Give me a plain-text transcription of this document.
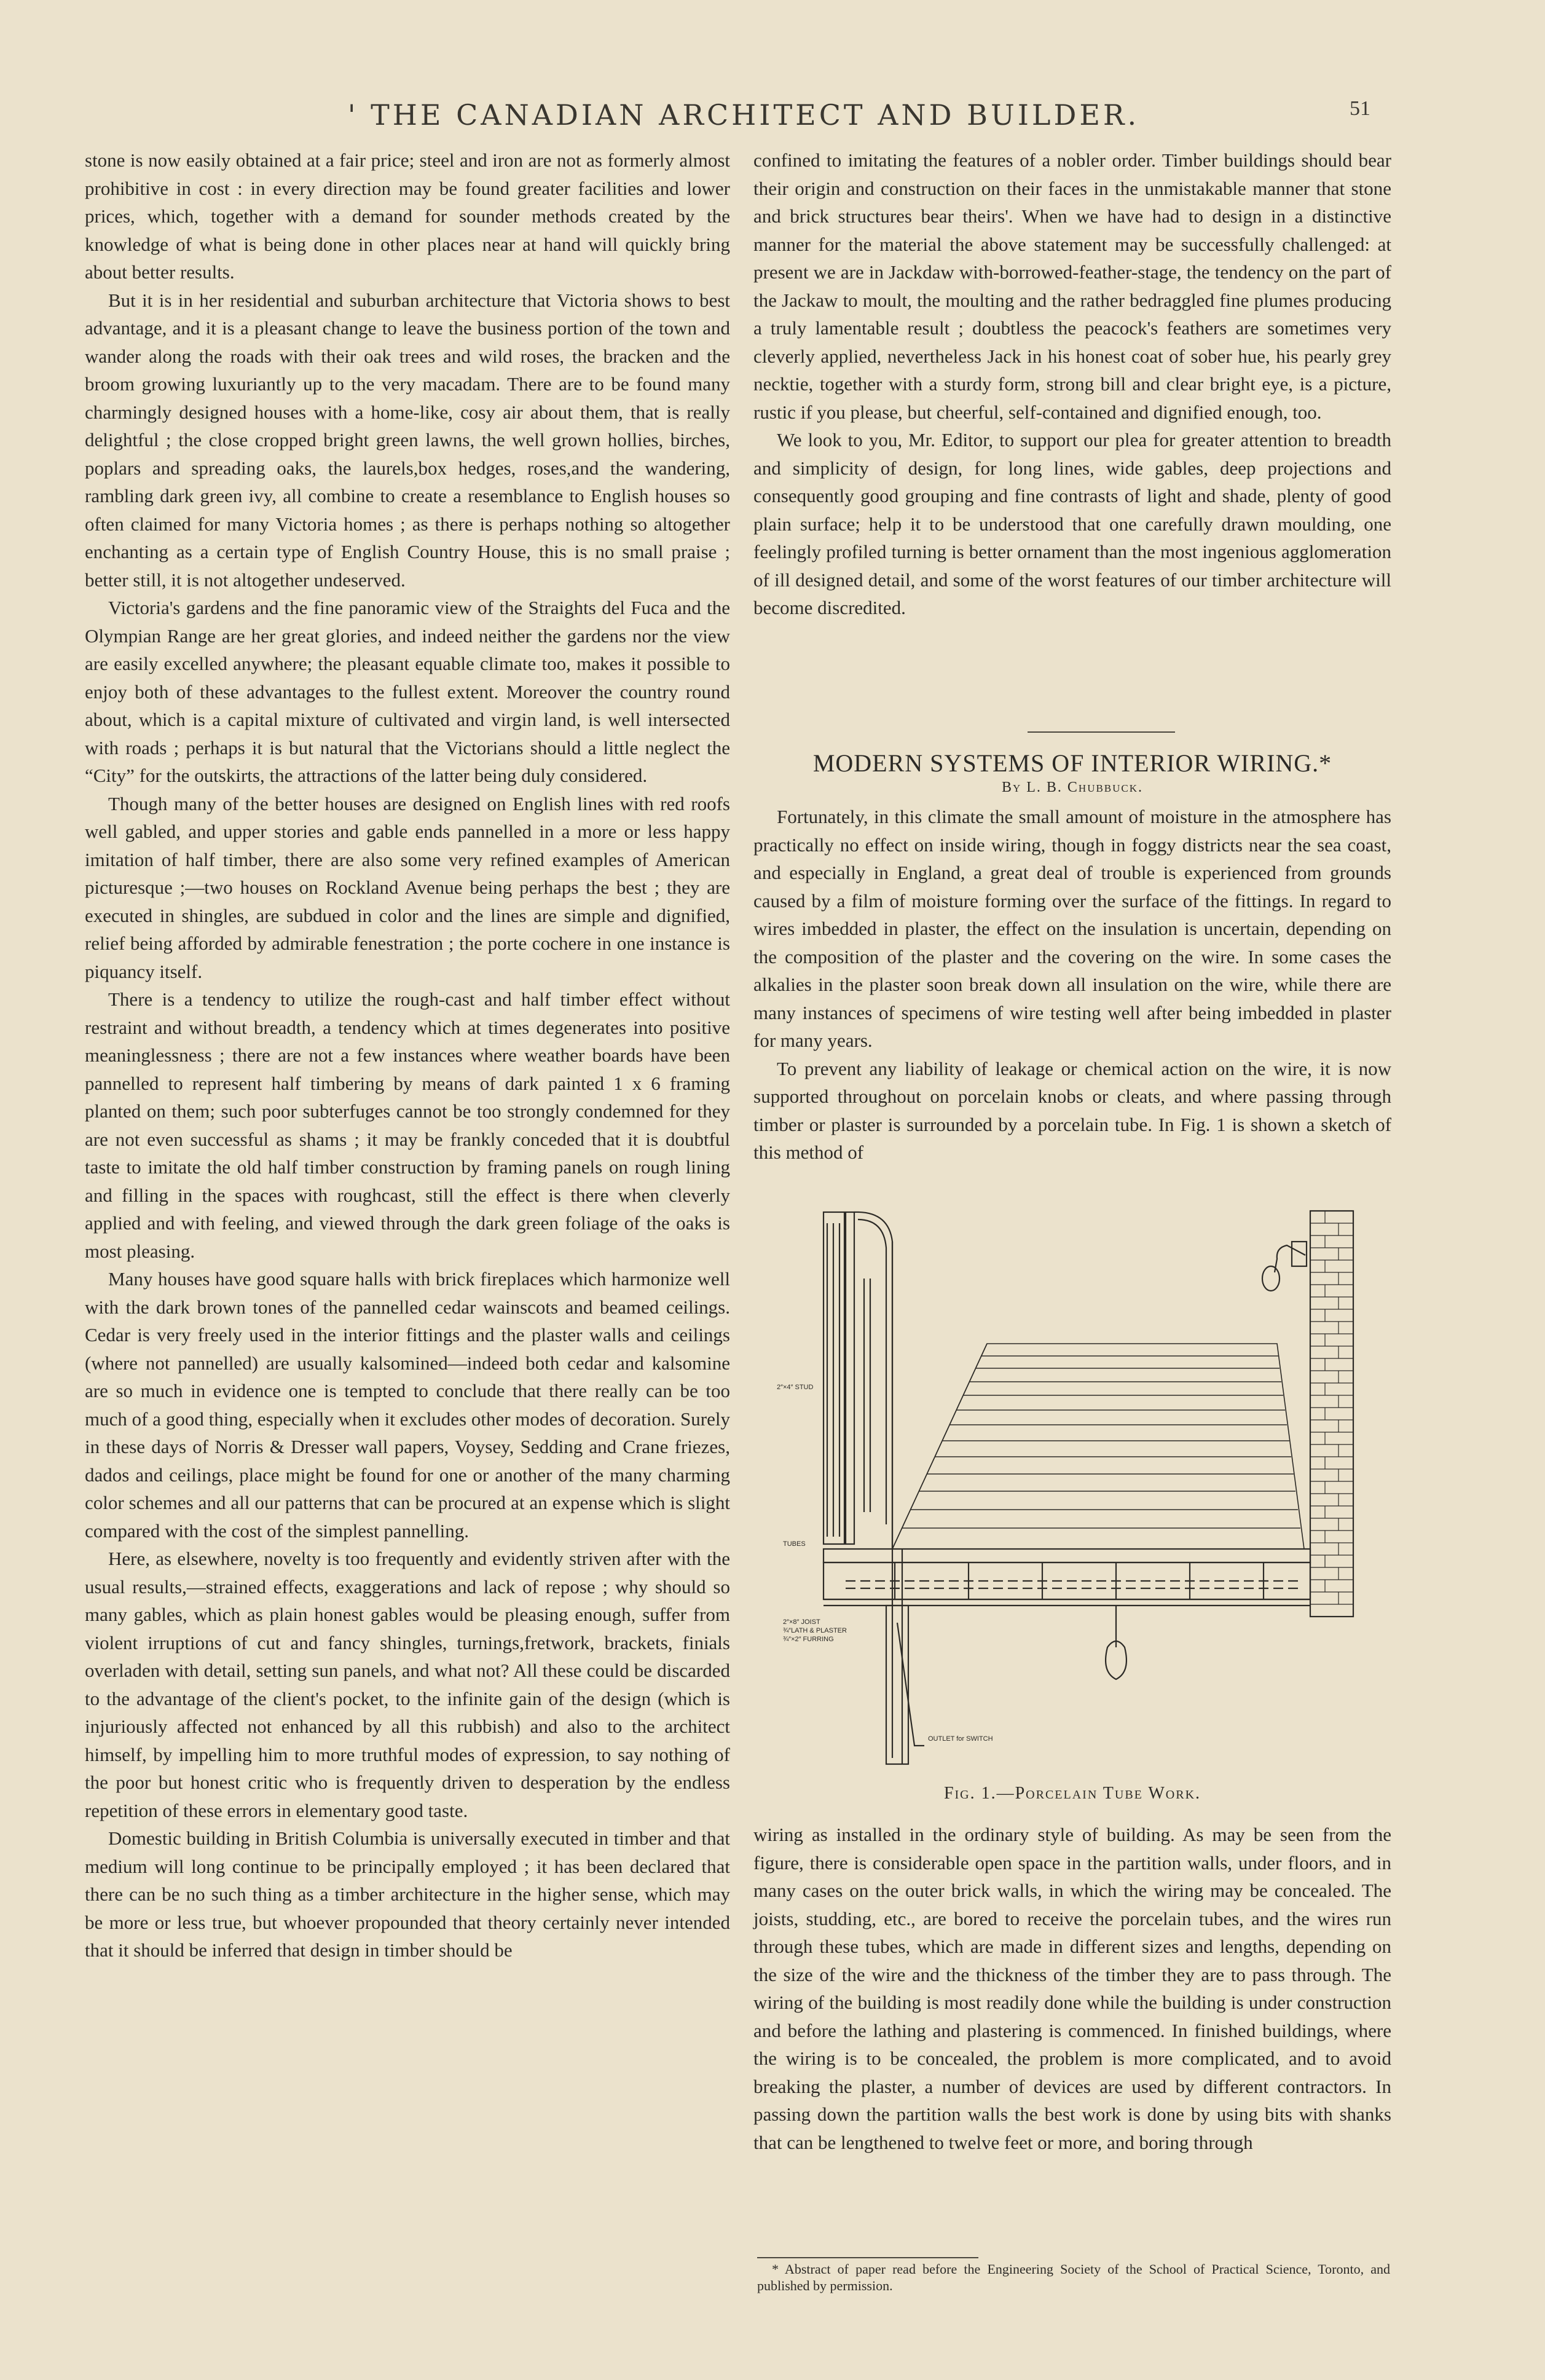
' THE CANADIAN ARCHITECT AND BUILDER.	51

stone is now easily obtained at a fair price; steel and iron are not as formerly almost prohibitive in cost : in every direction may be found greater facilities and lower prices, which, together with a demand for sounder methods created by the knowledge of what is being done in other places near at hand will quickly bring about better results.

But it is in her residential and suburban architecture that Victoria shows to best advantage, and it is a pleasant change to leave the business portion of the town and wander along the roads with their oak trees and wild roses, the bracken and the broom growing luxuriantly up to the very macadam. There are to be found many charmingly designed houses with a home-like, cosy air about them, that is really delightful ; the close cropped bright green lawns, the well grown hollies, birches, poplars and spreading oaks, the laurels,box hedges, roses,and the wandering, rambling dark green ivy, all combine to create a resemblance to English houses so often claimed for many Victoria homes ; as there is perhaps nothing so altogether enchanting as a certain type of English Country House, this is no small praise ; better still, it is not altogether undeserved.

Victoria's gardens and the fine panoramic view of the Straights del Fuca and the Olympian Range are her great glories, and indeed neither the gardens nor the view are easily excelled anywhere; the pleasant equable climate too, makes it possible to enjoy both of these advantages to the fullest extent. Moreover the country round about, which is a capital mixture of cultivated and virgin land, is well intersected with roads ; perhaps it is but natural that the Victorians should a little neglect the “City” for the outskirts, the attractions of the latter being duly considered.

Though many of the better houses are designed on English lines with red roofs well gabled, and upper stories and gable ends pannelled in a more or less happy imitation of half timber, there are also some very refined examples of American picturesque ;—two houses on Rockland Avenue being perhaps the best ; they are executed in shingles, are subdued in color and the lines are simple and dignified, relief being afforded by admirable fenestration ; the porte cochere in one instance is piquancy itself.

There is a tendency to utilize the rough-cast and half timber effect without restraint and without breadth, a tendency which at times degenerates into positive meaninglessness ; there are not a few instances where weather boards have been pannelled to represent half timbering by means of dark painted 1 x 6 framing planted on them; such poor subterfuges cannot be too strongly condemned for they are not even successful as shams ; it may be frankly conceded that it is doubtful taste to imitate the old half timber construction by framing panels on rough lining and filling in the spaces with roughcast, still the effect is there when cleverly applied and with feeling, and viewed through the dark green foliage of the oaks is most pleasing.

Many houses have good square halls with brick fireplaces which harmonize well with the dark brown tones of the pannelled cedar wainscots and beamed ceilings. Cedar is very freely used in the interior fittings and the plaster walls and ceilings (where not pannelled) are usually kalsomined—indeed both cedar and kalsomine are so much in evidence one is tempted to conclude that there really can be too much of a good thing, especially when it excludes other modes of decoration. Surely in these days of Norris & Dresser wall papers, Voysey, Sedding and Crane friezes, dados and ceilings, place might be found for one or another of the many charming color schemes and all our patterns that can be procured at an expense which is slight compared with the cost of the simplest pannelling.

Here, as elsewhere, novelty is too frequently and evidently striven after with the usual results,—strained effects, exaggerations and lack of repose ; why should so many gables, which as plain honest gables would be pleasing enough, suffer from violent irruptions of cut and fancy shingles, turnings,fretwork, brackets, finials overladen with detail, setting sun panels, and what not? All these could be discarded to the advantage of the client's pocket, to the infinite gain of the design (which is injuriously affected not enhanced by all this rubbish) and also to the architect himself, by impelling him to more truthful modes of expression, to say nothing of the poor but honest critic who is frequently driven to desperation by the endless repetition of these errors in elementary good taste.

Domestic building in British Columbia is universally executed in timber and that medium will long continue to be principally employed ; it has been declared that there can be no such thing as a timber architecture in the higher sense, which may be more or less true, but whoever propounded that theory certainly never intended that it should be inferred that design in timber should be

confined to imitating the features of a nobler order. Timber buildings should bear their origin and construction on their faces in the unmistakable manner that stone and brick structures bear theirs'. When we have had to design in a distinctive manner for the material the above statement may be successfully challenged: at present we are in Jackdaw with-borrowed-feather-stage, the tendency on the part of the Jackaw to moult, the moulting and the rather bedraggled fine plumes producing a truly lamentable result ; doubtless the peacock's feathers are sometimes very cleverly applied, nevertheless Jack in his honest coat of sober hue, his pearly grey necktie, together with a sturdy form, strong bill and clear bright eye, is a picture, rustic if you please, but cheerful, self-contained and dignified enough, too.

We look to you, Mr. Editor, to support our plea for greater attention to breadth and simplicity of design, for long lines, wide gables, deep projections and consequently good grouping and fine contrasts of light and shade, plenty of good plain surface; help it to be understood that one carefully drawn moulding, one feelingly profiled turning is better ornament than the most ingenious agglomeration of ill designed detail, and some of the worst features of our timber architecture will become discredited.

MODERN SYSTEMS OF INTERIOR WIRING.*
By L. B. Chubbuck.

Fortunately, in this climate the small amount of moisture in the atmosphere has practically no effect on inside wiring, though in foggy districts near the sea coast, and especially in England, a great deal of trouble is experienced from grounds caused by a film of moisture forming over the surface of the fittings. In regard to wires imbedded in plaster, the effect on the insulation is uncertain, depending on the composition of the plaster and the covering on the wire. In some cases the alkalies in the plaster soon break down all insulation on the wire, while there are many instances of specimens of wire testing well after being imbedded in plaster for many years.

To prevent any liability of leakage or chemical action on the wire, it is now supported throughout on porcelain knobs or cleats, and where passing through timber or plaster is surrounded by a porcelain tube. In Fig. 1 is shown a sketch of this method of

2″×4″ STUD
TUBES
2″×8″ JOIST
¾″LATH & PLASTER
¾″×2″ FURRING
OUTLET for SWITCH
Fig. 1.—Porcelain Tube Work.

wiring as installed in the ordinary style of building. As may be seen from the figure, there is considerable open space in the partition walls, under floors, and in many cases on the outer brick walls, in which the wiring may be concealed. The joists, studding, etc., are bored to receive the porcelain tubes, and the wires run through these tubes, which are made in different sizes and lengths, depending on the size of the wire and the thickness of the timber they are to pass through. The wiring of the building is most readily done while the building is under construction and before the lathing and plastering is commenced. In finished buildings, where the wiring is to be concealed, the problem is more complicated, and to avoid breaking the plaster, a number of devices are used by different contractors. In passing down the partition walls the best work is done by using bits with shanks that can be lengthened to twelve feet or more, and boring through

* Abstract of paper read before the Engineering Society of the School of Practical Science, Toronto, and published by permission.
